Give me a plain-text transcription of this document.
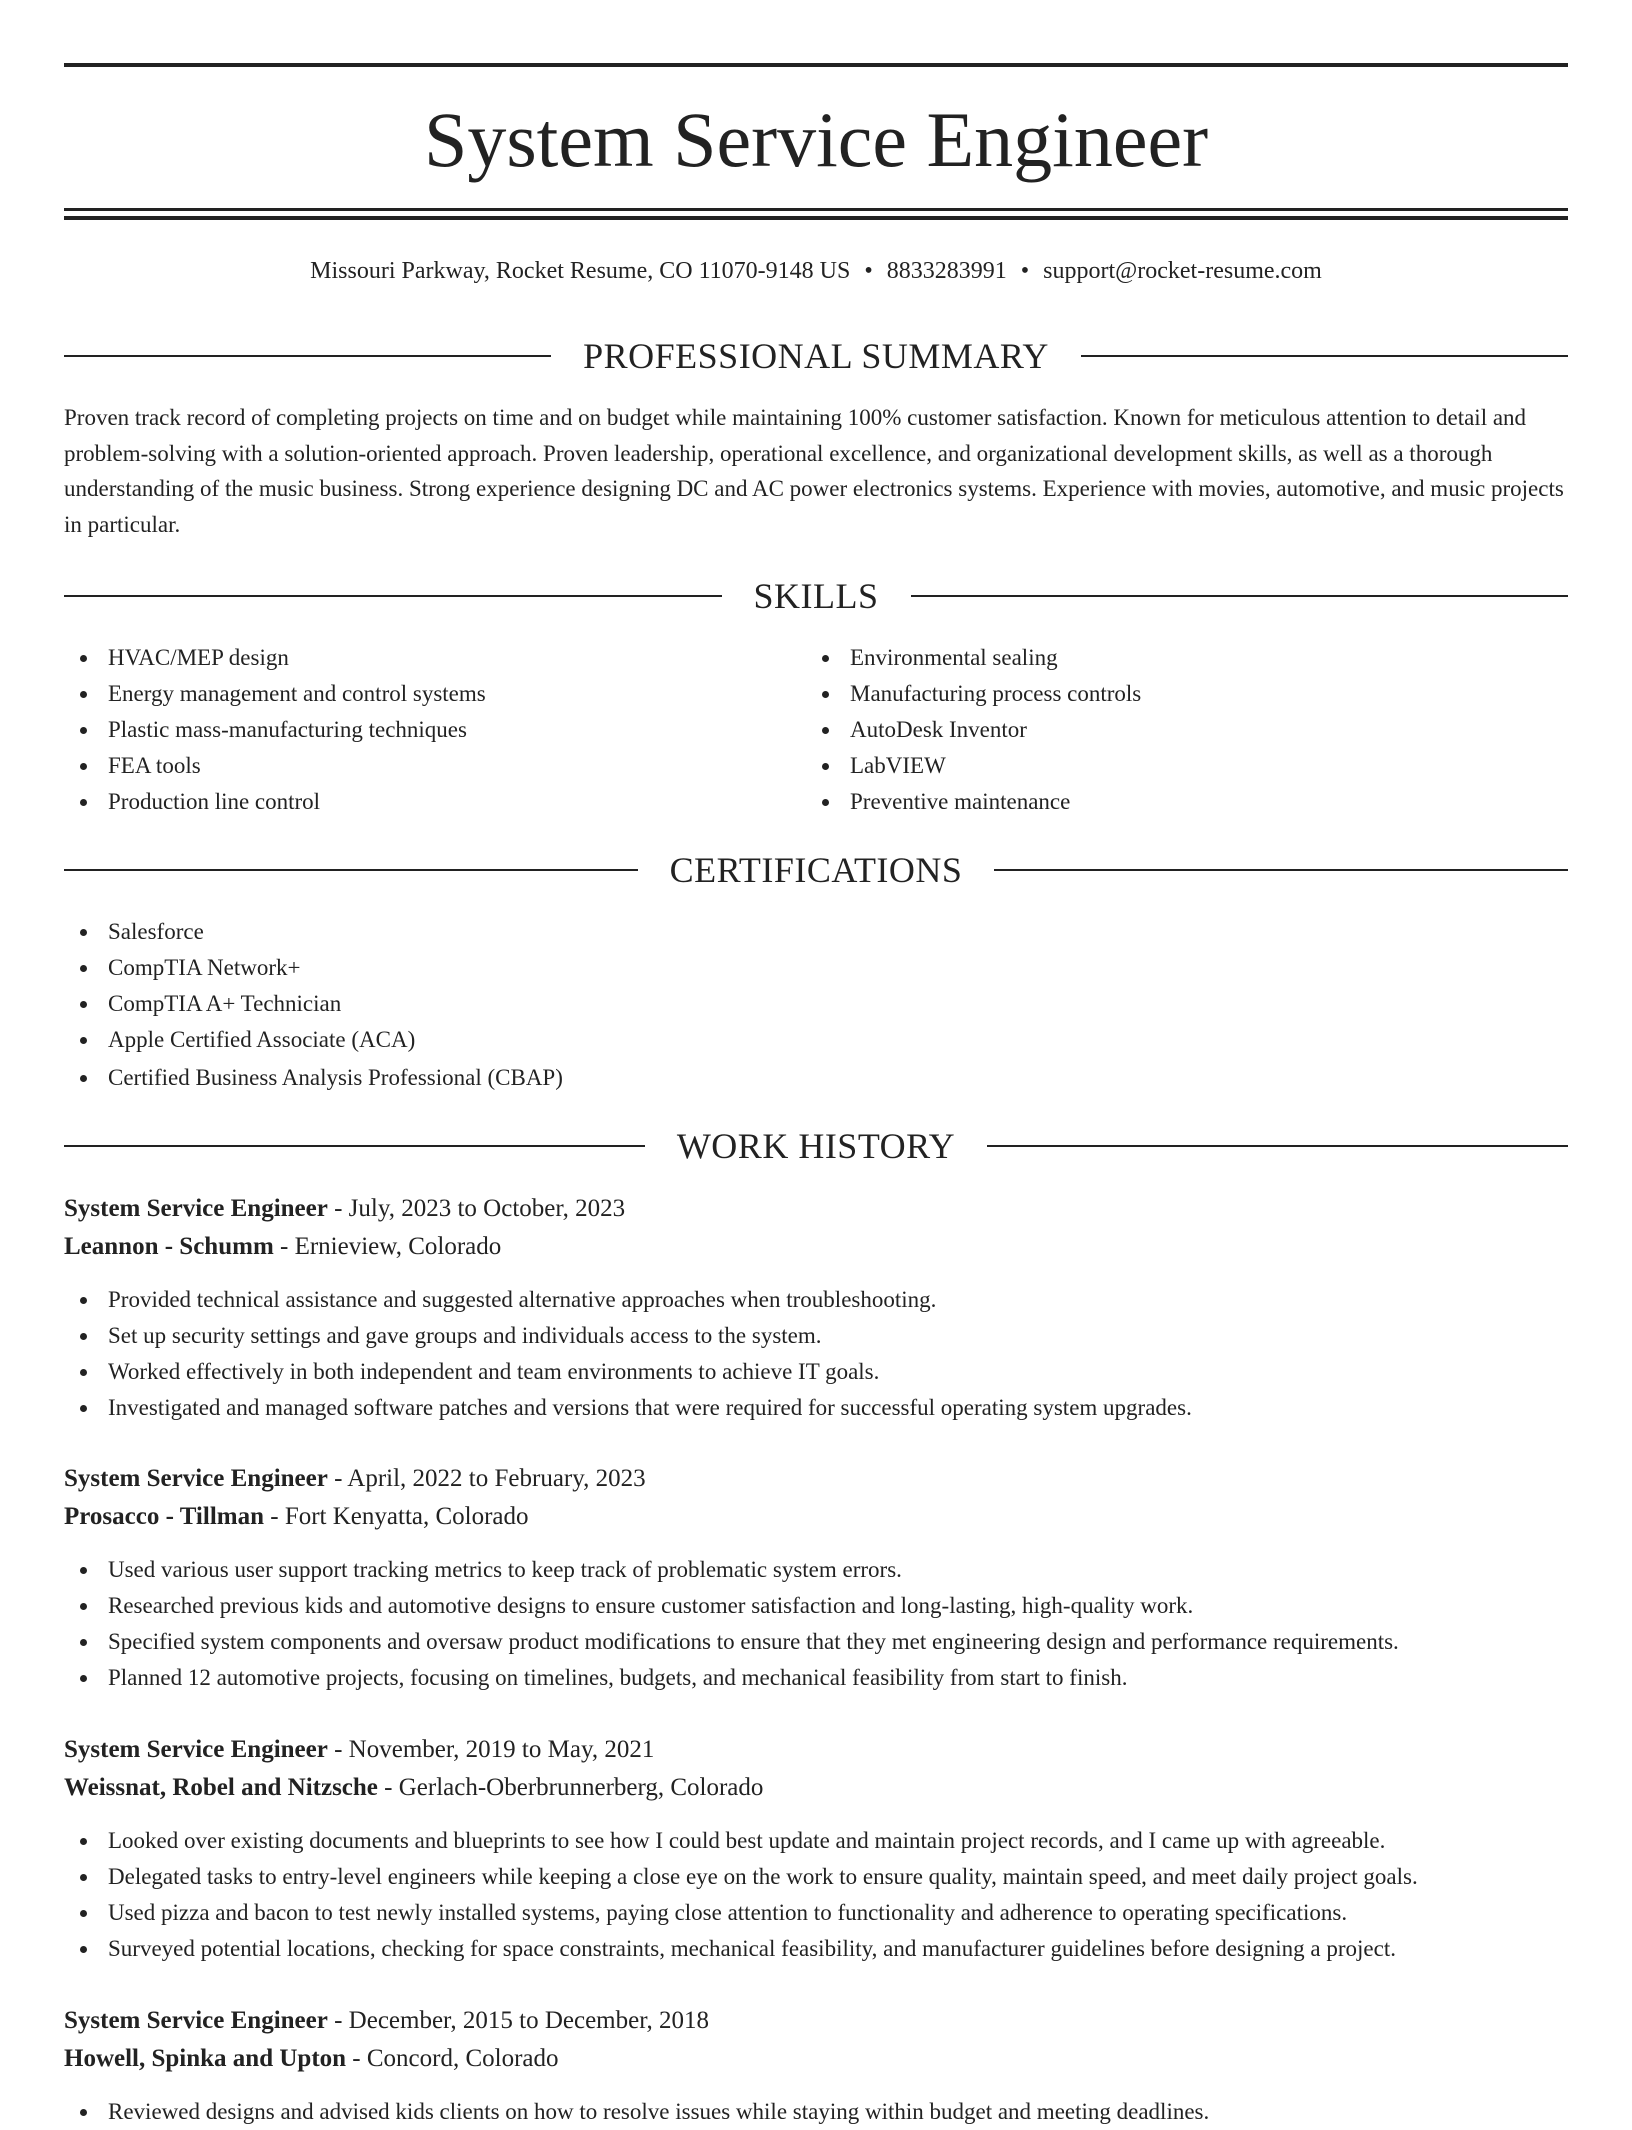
System Service Engineer
Missouri Parkway, Rocket Resume, CO 11070-9148 US • 8833283991 • support@rocket-resume.com
PROFESSIONAL SUMMARY

Proven track record of completing projects on time and on budget while maintaining 100% customer satisfaction. Known for meticulous attention to detail and problem-solving with a solution-oriented approach. Proven leadership, operational excellence, and organizational development skills, as well as a thorough understanding of the music business. Strong experience designing DC and AC power electronics systems. Experience with movies, automotive, and music projects in particular.

SKILLS
HVAC/MEP design
Energy management and control systems
Plastic mass-manufacturing techniques
FEA tools
Production line control
Environmental sealing
Manufacturing process controls
AutoDesk Inventor
LabVIEW
Preventive maintenance
CERTIFICATIONS
Salesforce
CompTIA Network+
CompTIA A+ Technician
Apple Certified Associate (ACA)
Certified Business Analysis Professional (CBAP)
WORK HISTORY
System Service Engineer - July, 2023 to October, 2023
Leannon - Schumm - Ernieview, Colorado
Provided technical assistance and suggested alternative approaches when troubleshooting.
Set up security settings and gave groups and individuals access to the system.
Worked effectively in both independent and team environments to achieve IT goals.
Investigated and managed software patches and versions that were required for successful operating system upgrades.
System Service Engineer - April, 2022 to February, 2023
Prosacco - Tillman - Fort Kenyatta, Colorado
Used various user support tracking metrics to keep track of problematic system errors.
Researched previous kids and automotive designs to ensure customer satisfaction and long-lasting, high-quality work.
Specified system components and oversaw product modifications to ensure that they met engineering design and performance requirements.
Planned 12 automotive projects, focusing on timelines, budgets, and mechanical feasibility from start to finish.
System Service Engineer - November, 2019 to May, 2021
Weissnat, Robel and Nitzsche - Gerlach-Oberbrunnerberg, Colorado
Looked over existing documents and blueprints to see how I could best update and maintain project records, and I came up with agreeable.
Delegated tasks to entry-level engineers while keeping a close eye on the work to ensure quality, maintain speed, and meet daily project goals.
Used pizza and bacon to test newly installed systems, paying close attention to functionality and adherence to operating specifications.
Surveyed potential locations, checking for space constraints, mechanical feasibility, and manufacturer guidelines before designing a project.
System Service Engineer - December, 2015 to December, 2018
Howell, Spinka and Upton - Concord, Colorado
Reviewed designs and advised kids clients on how to resolve issues while staying within budget and meeting deadlines.
